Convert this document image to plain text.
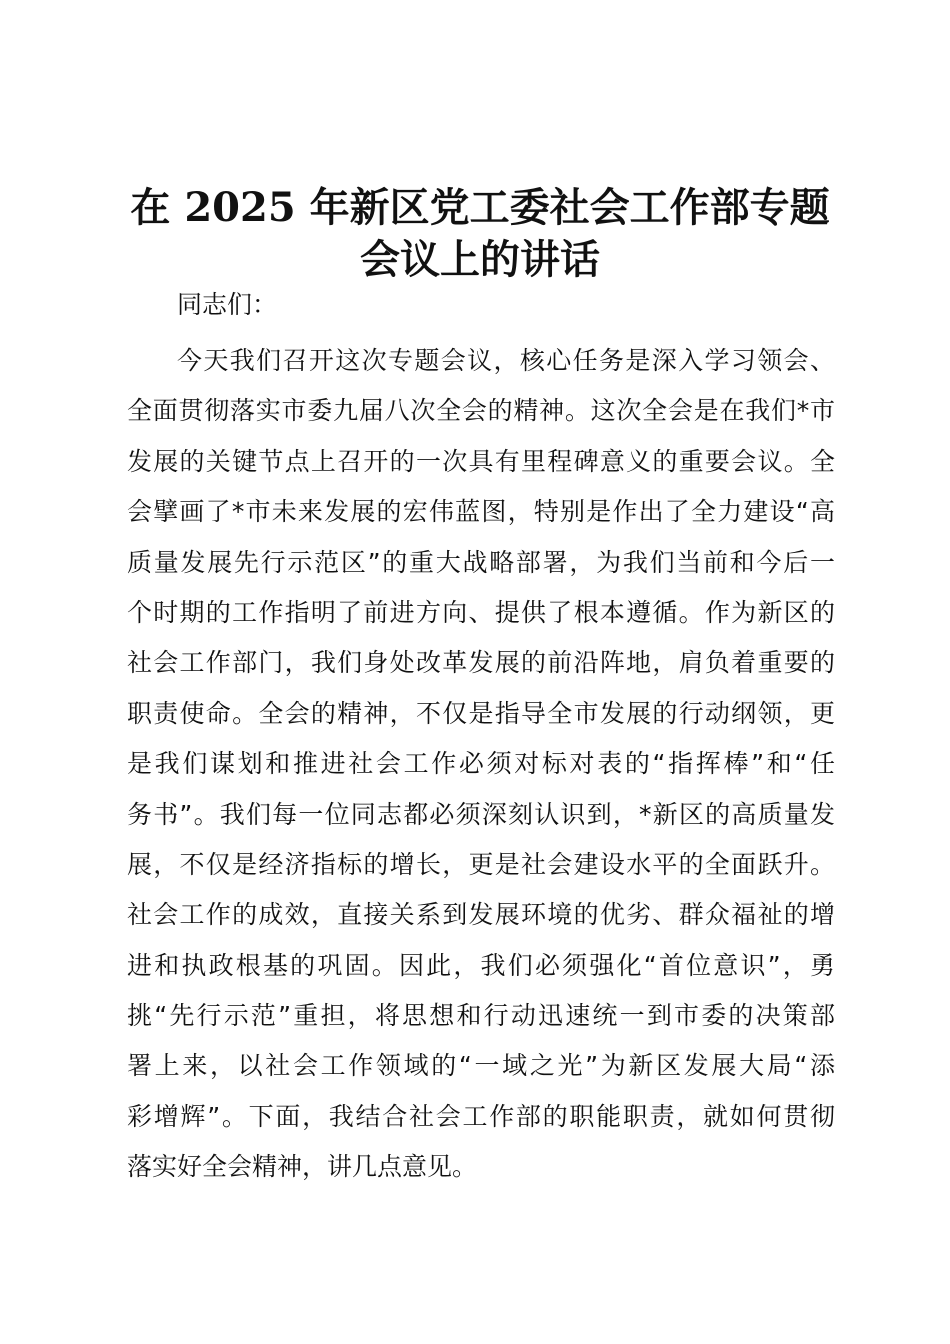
在 2025 年新区党工委社会工作部专题
会议上的讲话

同志们：

今天我们召开这次专题会议，核心任务是深入学习领会、
全面贯彻落实市委九届八次全会的精神。这次全会是在我们*市
发展的关键节点上召开的一次具有里程碑意义的重要会议。全
会擘画了*市未来发展的宏伟蓝图，特别是作出了全力建设“高
质量发展先行示范区”的重大战略部署，为我们当前和今后一
个时期的工作指明了前进方向、提供了根本遵循。作为新区的
社会工作部门，我们身处改革发展的前沿阵地，肩负着重要的
职责使命。全会的精神，不仅是指导全市发展的行动纲领，更
是我们谋划和推进社会工作必须对标对表的“指挥棒”和“任
务书”。我们每一位同志都必须深刻认识到，*新区的高质量发
展，不仅是经济指标的增长，更是社会建设水平的全面跃升。
社会工作的成效，直接关系到发展环境的优劣、群众福祉的增
进和执政根基的巩固。因此，我们必须强化“首位意识”，勇
挑“先行示范”重担，将思想和行动迅速统一到市委的决策部
署上来，以社会工作领域的“一域之光”为新区发展大局“添
彩增辉”。下面，我结合社会工作部的职能职责，就如何贯彻
落实好全会精神，讲几点意见。
